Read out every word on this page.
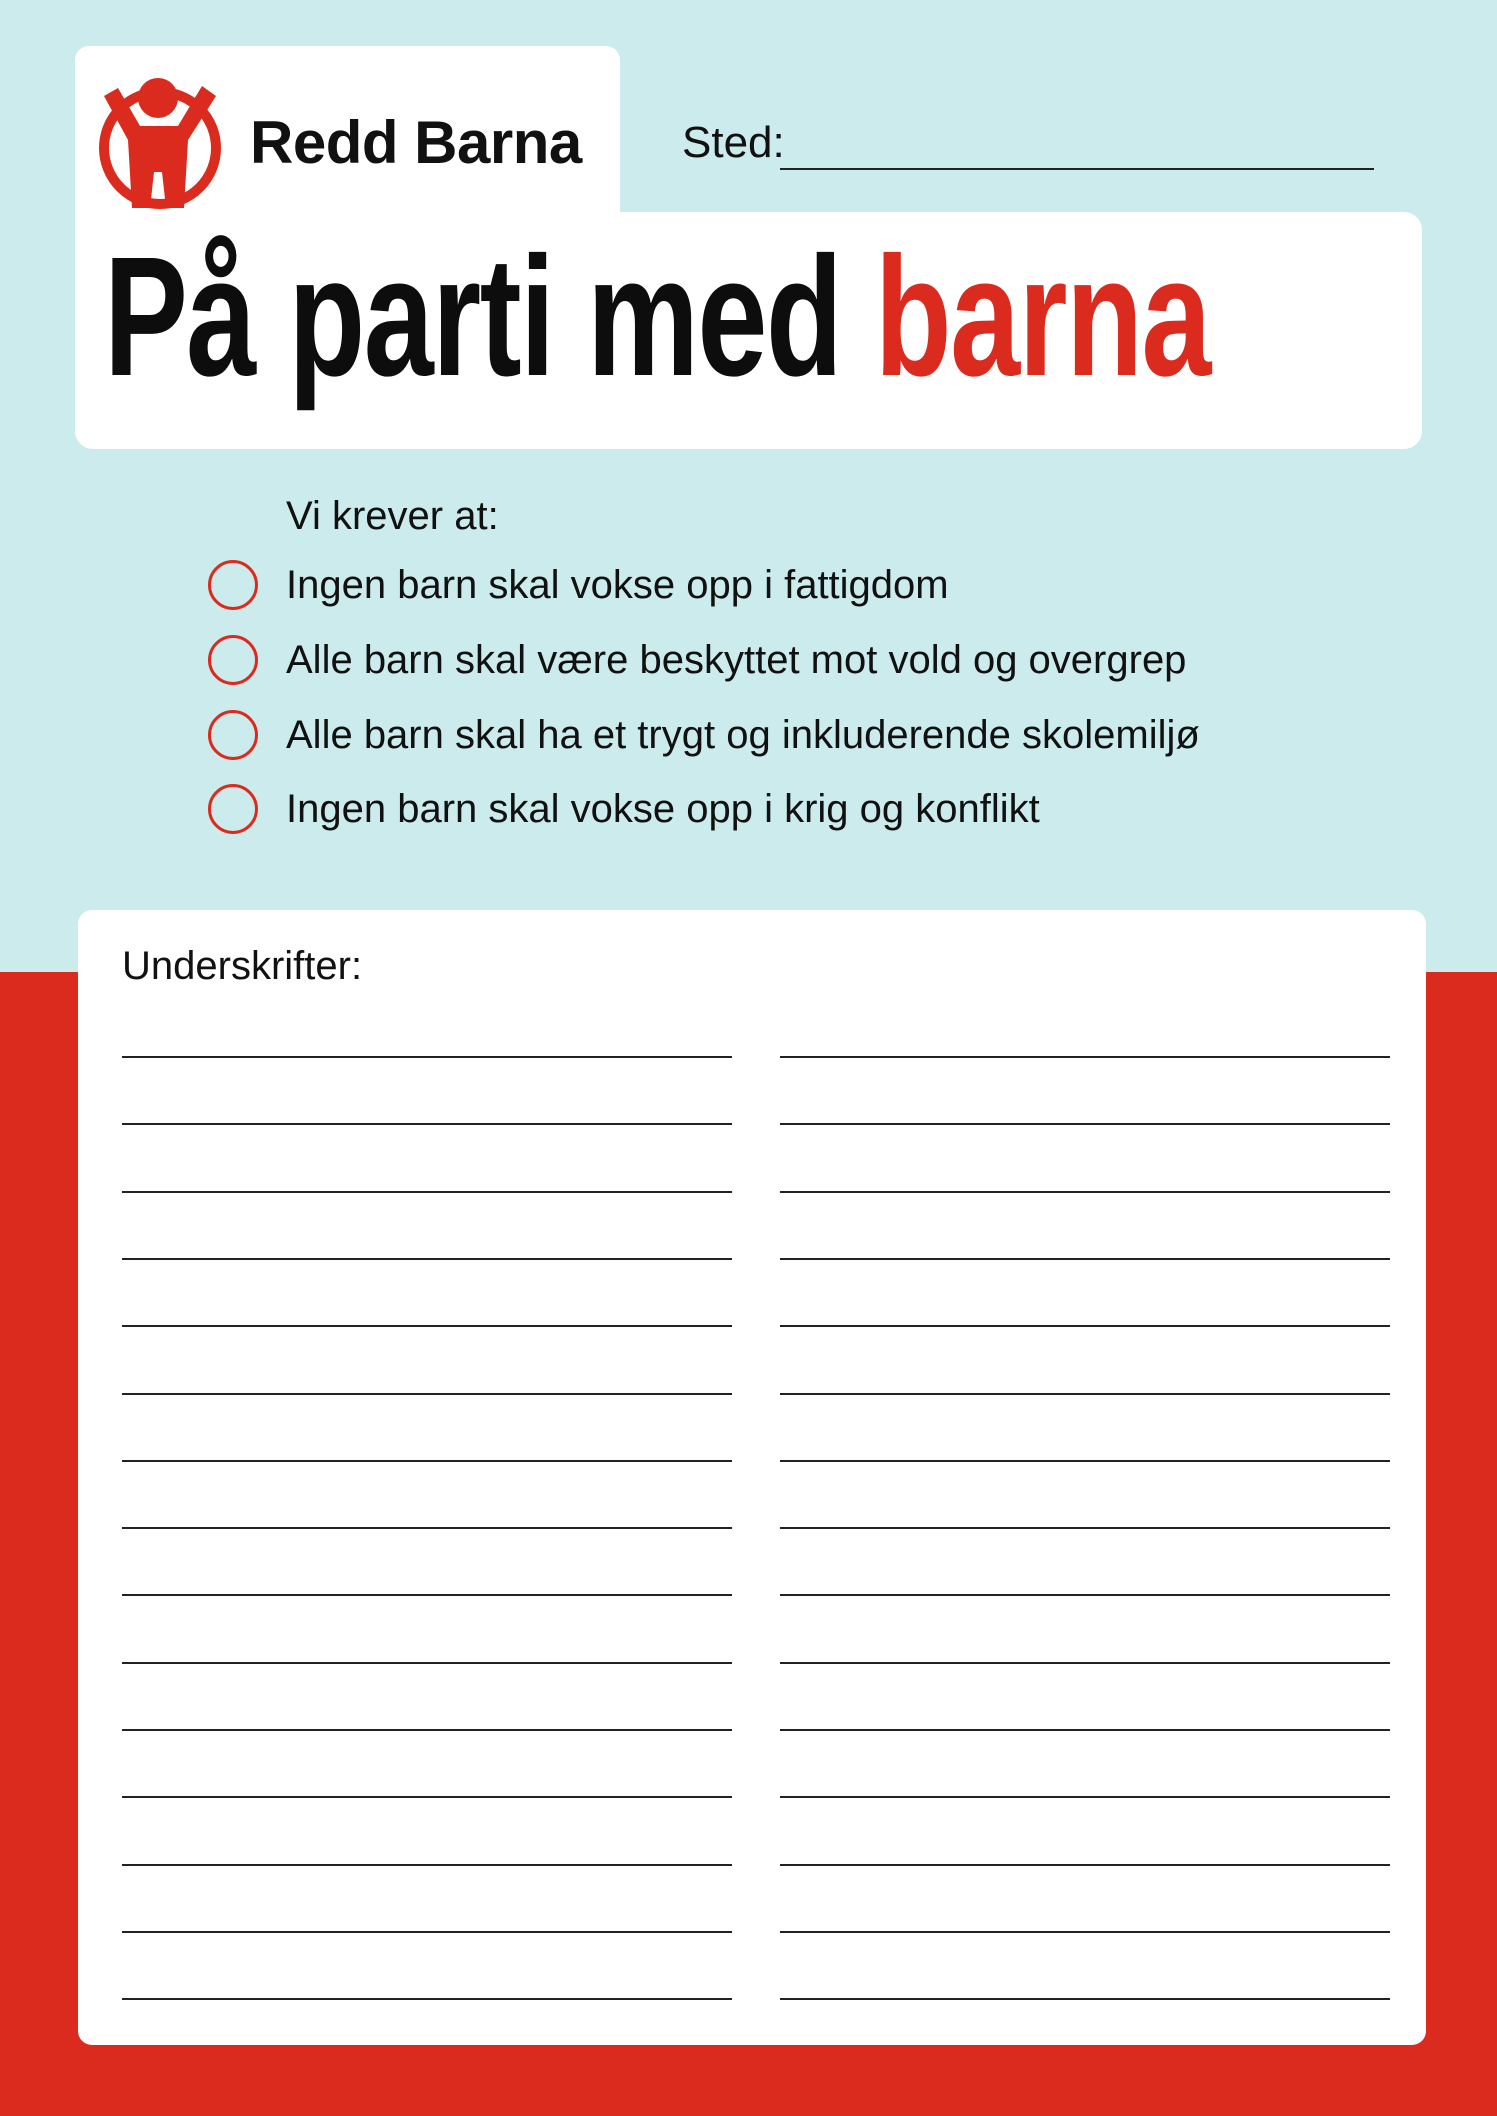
Redd Barna Sted:
På parti med barna
Vi krever at:
Ingen barn skal vokse opp i fattigdom
Alle barn skal være beskyttet mot vold og overgrep
Alle barn skal ha et trygt og inkluderende skolemiljø
Ingen barn skal vokse opp i krig og konflikt
Underskrifter:
